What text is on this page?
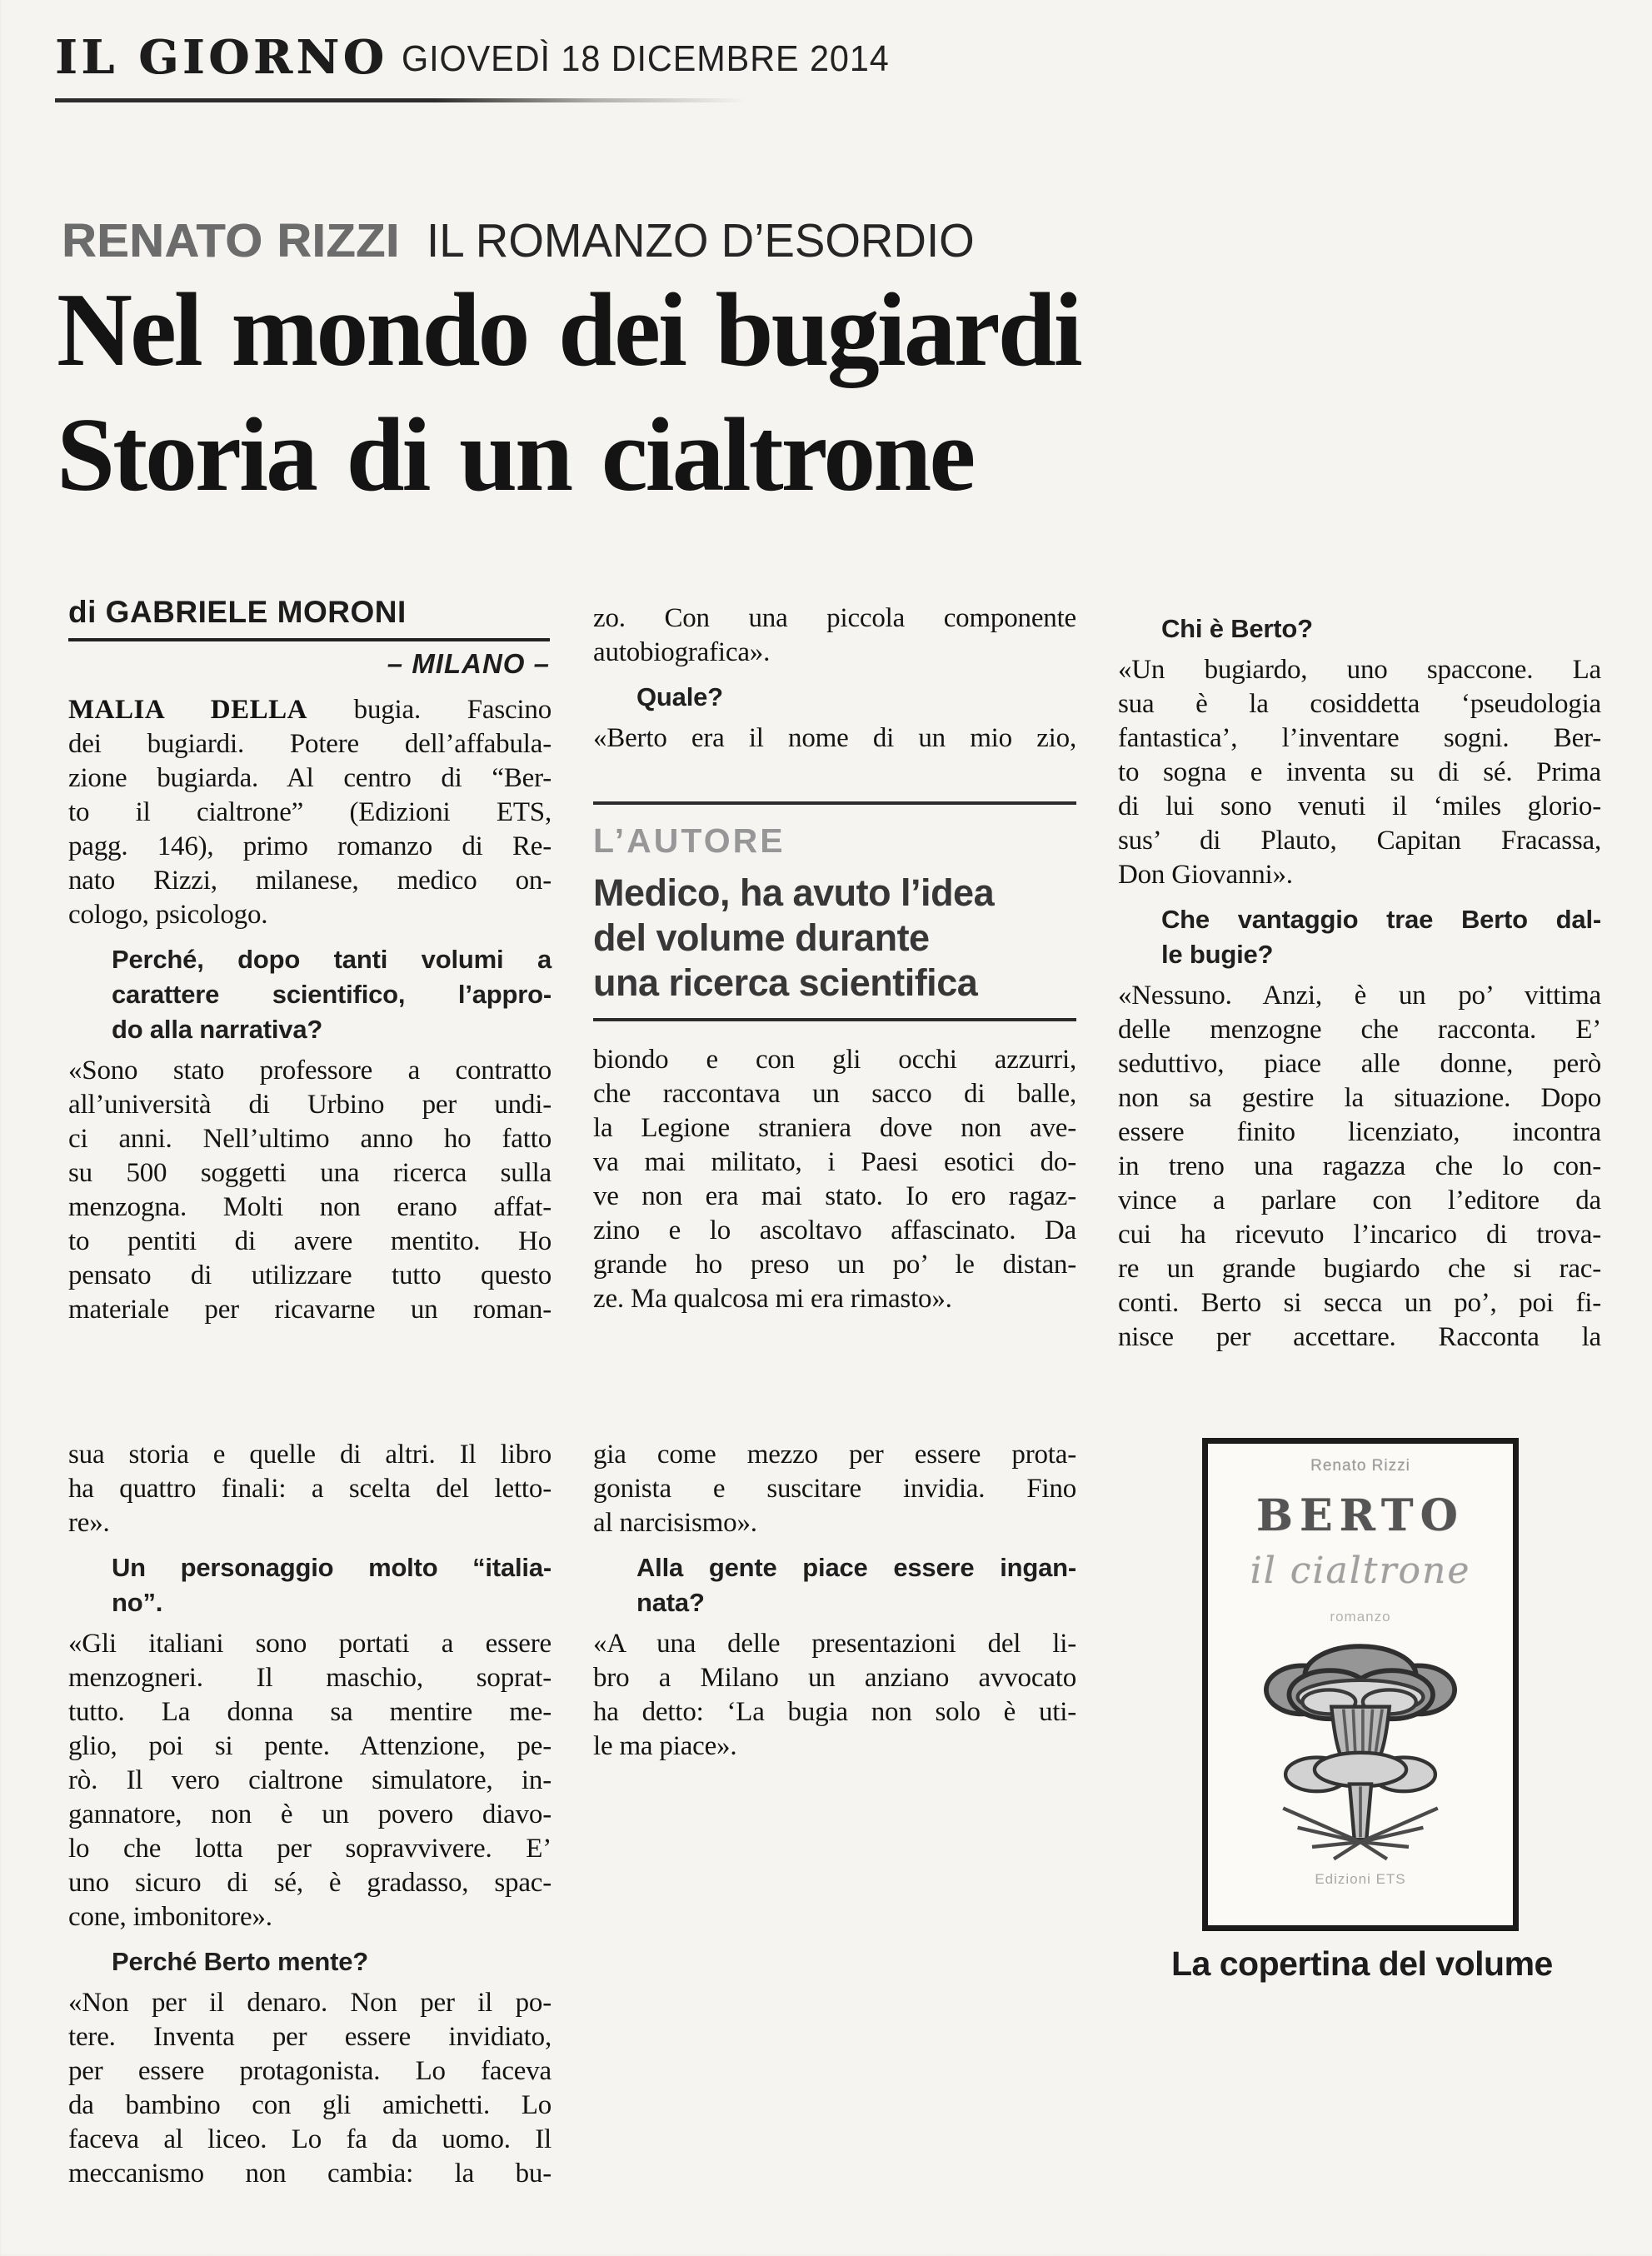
IL GIORNO GIOVEDÌ 18 DICEMBRE 2014
RENATO RIZZI IL ROMANZO D’ESORDIO
Nel mondo dei bugiardi
Storia di un cialtrone
di GABRIELE MORONI
– MILANO –
MALIA DELLA bugia. Fascino
dei bugiardi. Potere dell’affabula-
zione bugiarda. Al centro di “Ber-
to il cialtrone” (Edizioni ETS,
pagg. 146), primo romanzo di Re-
nato Rizzi, milanese, medico on-
cologo, psicologo.
Perché, dopo tanti volumi a
carattere scientifico, l’appro-
do alla narrativa?
«Sono stato professore a contratto
all’università di Urbino per undi-
ci anni. Nell’ultimo anno ho fatto
su 500 soggetti una ricerca sulla
menzogna. Molti non erano affat-
to pentiti di avere mentito. Ho
pensato di utilizzare tutto questo
materiale per ricavarne un roman-
zo. Con una piccola componente
autobiografica».
Quale?
«Berto era il nome di un mio zio,
L’AUTORE
Medico, ha avuto l’idea
del volume durante
una ricerca scientifica
biondo e con gli occhi azzurri,
che raccontava un sacco di balle,
la Legione straniera dove non ave-
va mai militato, i Paesi esotici do-
ve non era mai stato. Io ero ragaz-
zino e lo ascoltavo affascinato. Da
grande ho preso un po’ le distan-
ze. Ma qualcosa mi era rimasto».
Chi è Berto?
«Un bugiardo, uno spaccone. La
sua è la cosiddetta ‘pseudologia
fantastica’, l’inventare sogni. Ber-
to sogna e inventa su di sé. Prima
di lui sono venuti il ‘miles glorio-
sus’ di Plauto, Capitan Fracassa,
Don Giovanni».
Che vantaggio trae Berto dal-
le bugie?
«Nessuno. Anzi, è un po’ vittima
delle menzogne che racconta. E’
seduttivo, piace alle donne, però
non sa gestire la situazione. Dopo
essere finito licenziato, incontra
in treno una ragazza che lo con-
vince a parlare con l’editore da
cui ha ricevuto l’incarico di trova-
re un grande bugiardo che si rac-
conti. Berto si secca un po’, poi fi-
nisce per accettare. Racconta la
sua storia e quelle di altri. Il libro
ha quattro finali: a scelta del letto-
re».
Un personaggio molto “italia-
no”.
«Gli italiani sono portati a essere
menzogneri. Il maschio, soprat-
tutto. La donna sa mentire me-
glio, poi si pente. Attenzione, pe-
rò. Il vero cialtrone simulatore, in-
gannatore, non è un povero diavo-
lo che lotta per sopravvivere. E’
uno sicuro di sé, è gradasso, spac-
cone, imbonitore».
Perché Berto mente?
«Non per il denaro. Non per il po-
tere. Inventa per essere invidiato,
per essere protagonista. Lo faceva
da bambino con gli amichetti. Lo
faceva al liceo. Lo fa da uomo. Il
meccanismo non cambia: la bu-
gia come mezzo per essere prota-
gonista e suscitare invidia. Fino
al narcisismo».
Alla gente piace essere ingan-
nata?
«A una delle presentazioni del li-
bro a Milano un anziano avvocato
ha detto: ‘La bugia non solo è uti-
le ma piace».
Renato Rizzi
BERTO
il cialtrone
romanzo
Edizioni ETS
La copertina del volume
